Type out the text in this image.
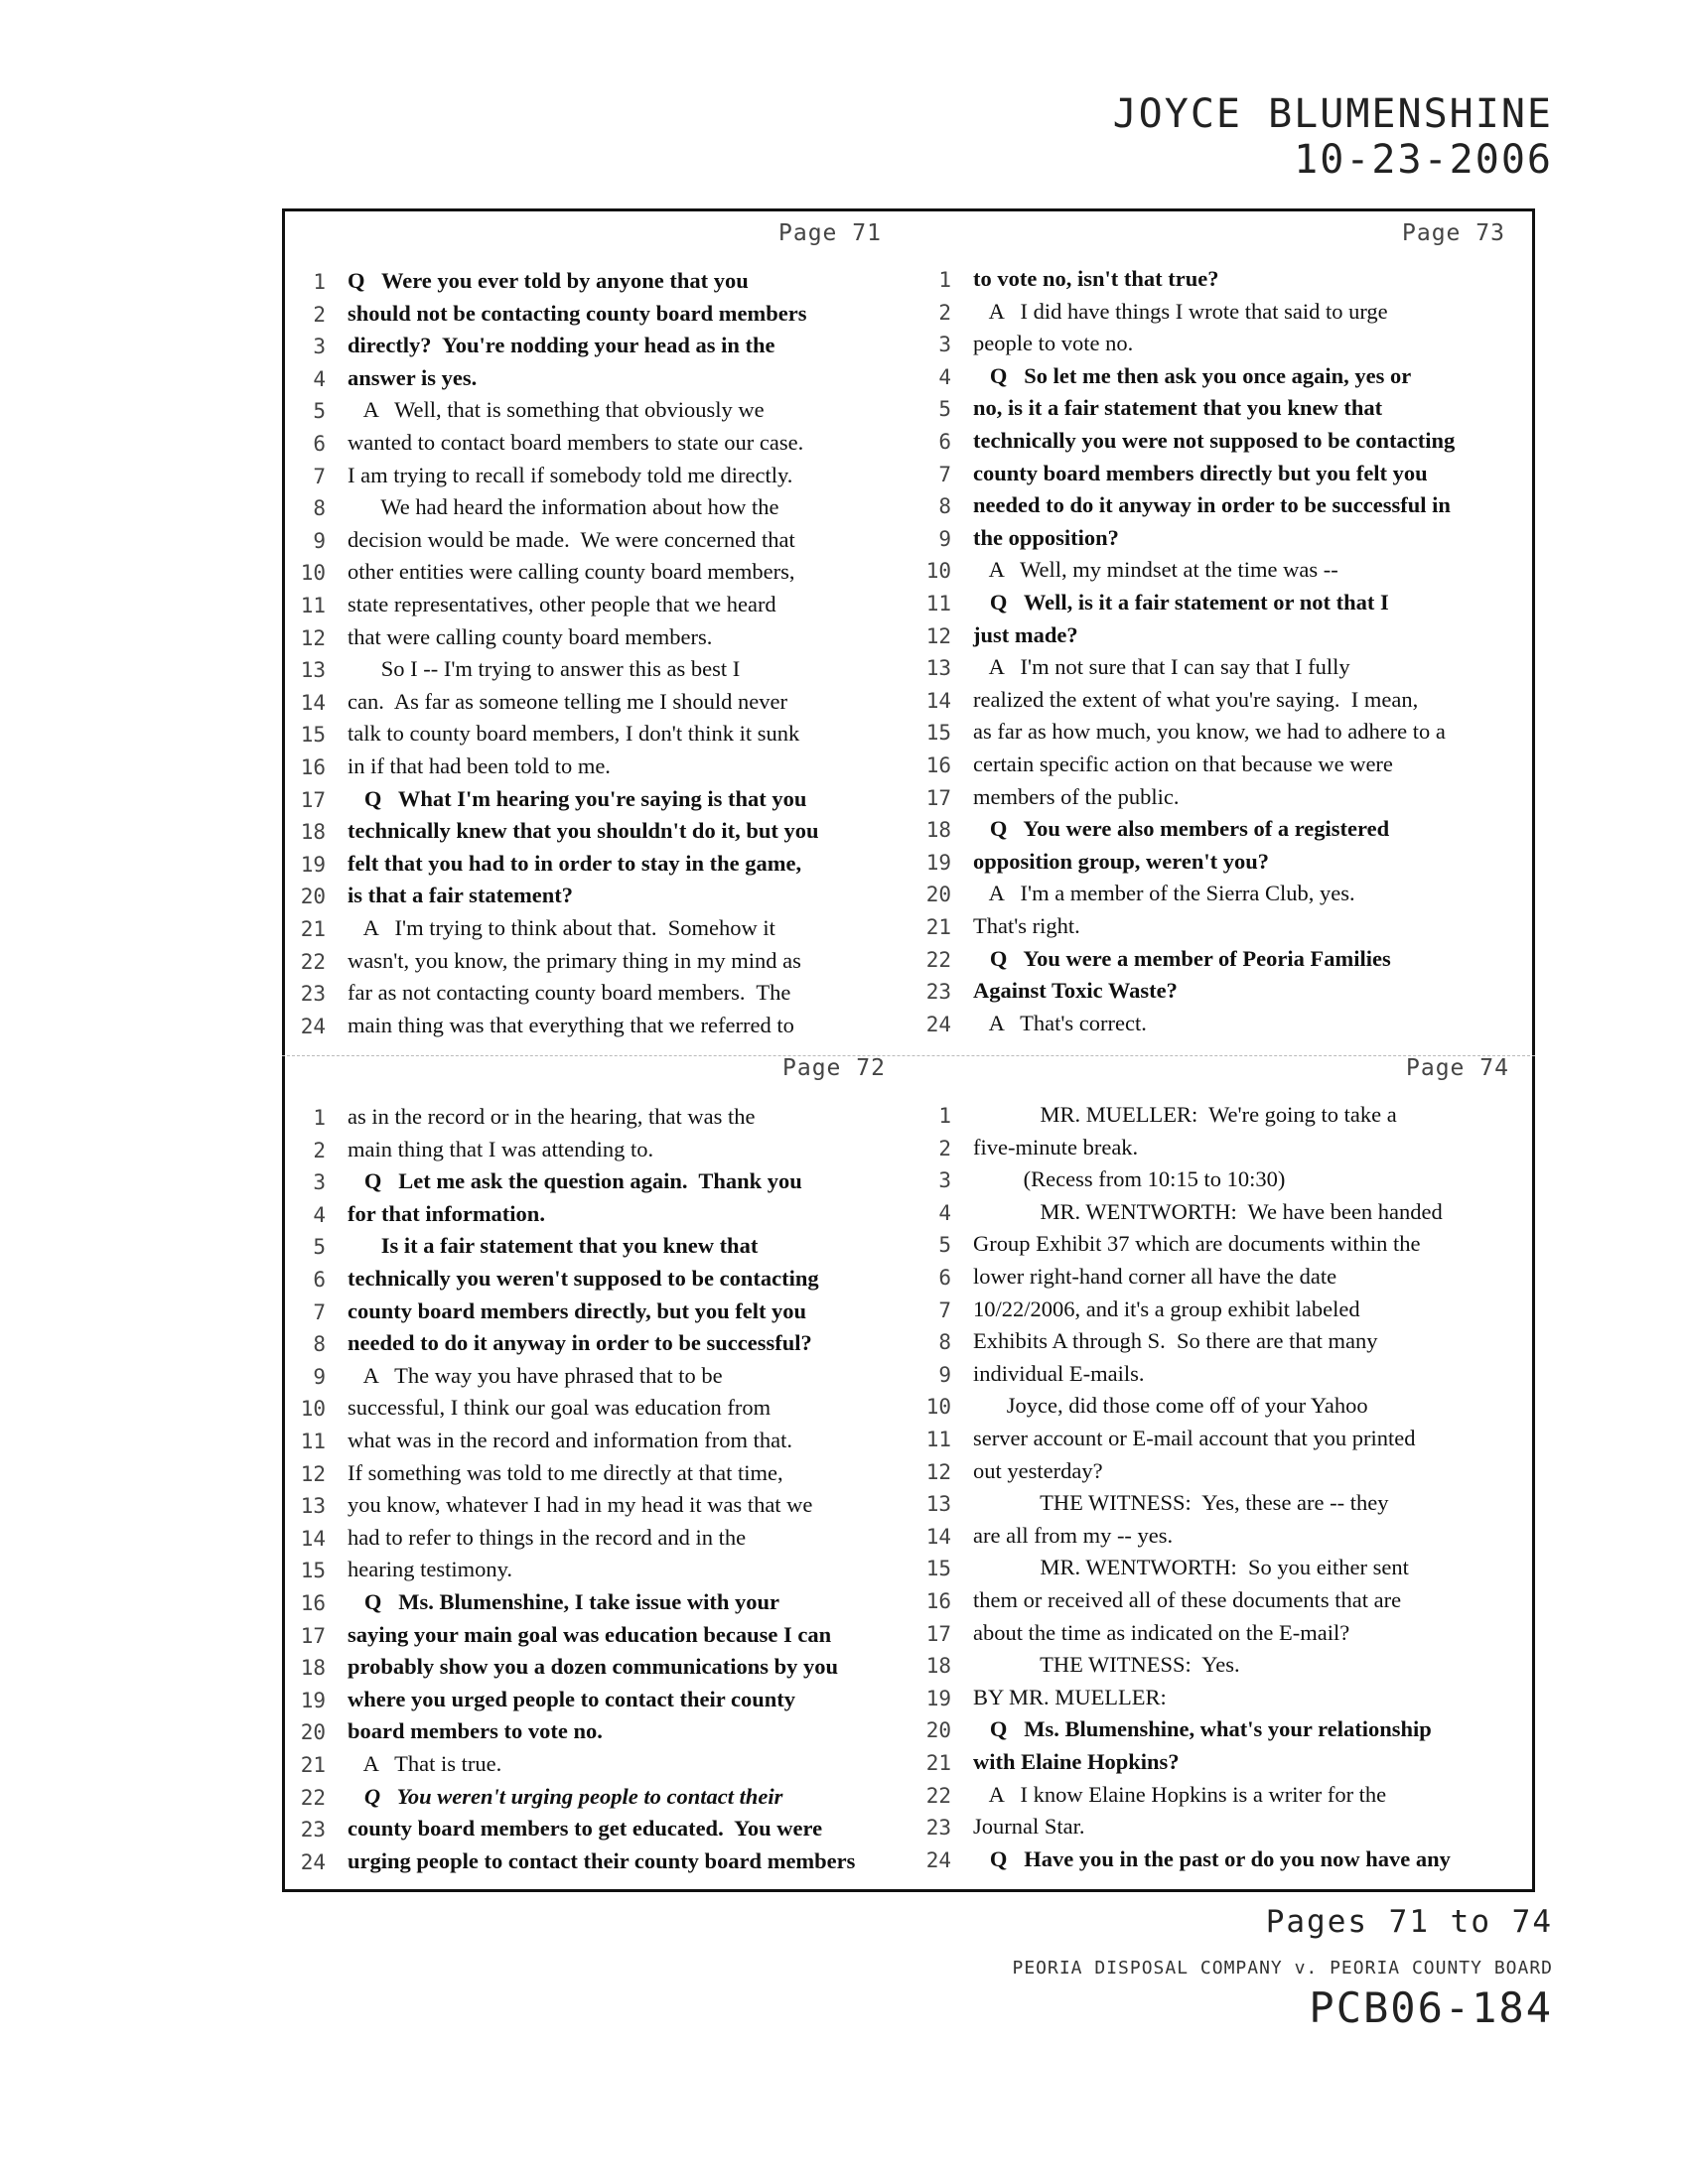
JOYCE BLUMENSHINE
10-23-2006
Page 71	Page 73
Page 72	Page 74
1 Q   Were you ever told by anyone that you
2 should not be contacting county board members
3 directly?  You're nodding your head as in the
4 answer is yes.
5 A   Well, that is something that obviously we
6 wanted to contact board members to state our case.
7 I am trying to recall if somebody told me directly.
8 We had heard the information about how the
9 decision would be made.  We were concerned that
10 other entities were calling county board members,
11 state representatives, other people that we heard
12 that were calling county board members.
13 So I -- I'm trying to answer this as best I
14 can.  As far as someone telling me I should never
15 talk to county board members, I don't think it sunk
16 in if that had been told to me.
17 Q   What I'm hearing you're saying is that you
18 technically knew that you shouldn't do it, but you
19 felt that you had to in order to stay in the game,
20 is that a fair statement?
21 A   I'm trying to think about that.  Somehow it
22 wasn't, you know, the primary thing in my mind as
23 far as not contacting county board members.  The
24 main thing was that everything that we referred to
1 to vote no, isn't that true?
2 A   I did have things I wrote that said to urge
3 people to vote no.
4 Q   So let me then ask you once again, yes or
5 no, is it a fair statement that you knew that
6 technically you were not supposed to be contacting
7 county board members directly but you felt you
8 needed to do it anyway in order to be successful in
9 the opposition?
10 A   Well, my mindset at the time was --
11 Q   Well, is it a fair statement or not that I
12 just made?
13 A   I'm not sure that I can say that I fully
14 realized the extent of what you're saying.  I mean,
15 as far as how much, you know, we had to adhere to a
16 certain specific action on that because we were
17 members of the public.
18 Q   You were also members of a registered
19 opposition group, weren't you?
20 A   I'm a member of the Sierra Club, yes.
21 That's right.
22 Q   You were a member of Peoria Families
23 Against Toxic Waste?
24 A   That's correct.
1 as in the record or in the hearing, that was the
2 main thing that I was attending to.
3 Q   Let me ask the question again.  Thank you
4 for that information.
5 Is it a fair statement that you knew that
6 technically you weren't supposed to be contacting
7 county board members directly, but you felt you
8 needed to do it anyway in order to be successful?
9 A   The way you have phrased that to be
10 successful, I think our goal was education from
11 what was in the record and information from that.
12 If something was told to me directly at that time,
13 you know, whatever I had in my head it was that we
14 had to refer to things in the record and in the
15 hearing testimony.
16 Q   Ms. Blumenshine, I take issue with your
17 saying your main goal was education because I can
18 probably show you a dozen communications by you
19 where you urged people to contact their county
20 board members to vote no.
21 A   That is true.
22 Q   You weren't urging people to contact their
23 county board members to get educated.  You were
24 urging people to contact their county board members
1 MR. MUELLER:  We're going to take a
2 five-minute break.
3 (Recess from 10:15 to 10:30)
4 MR. WENTWORTH:  We have been handed
5 Group Exhibit 37 which are documents within the
6 lower right-hand corner all have the date
7 10/22/2006, and it's a group exhibit labeled
8 Exhibits A through S.  So there are that many
9 individual E-mails.
10 Joyce, did those come off of your Yahoo
11 server account or E-mail account that you printed
12 out yesterday?
13 THE WITNESS:  Yes, these are -- they
14 are all from my -- yes.
15 MR. WENTWORTH:  So you either sent
16 them or received all of these documents that are
17 about the time as indicated on the E-mail?
18 THE WITNESS:  Yes.
19 BY MR. MUELLER:
20 Q   Ms. Blumenshine, what's your relationship
21 with Elaine Hopkins?
22 A   I know Elaine Hopkins is a writer for the
23 Journal Star.
24 Q   Have you in the past or do you now have any
Pages 71 to 74
PEORIA DISPOSAL COMPANY v. PEORIA COUNTY BOARD
PCB06-184
